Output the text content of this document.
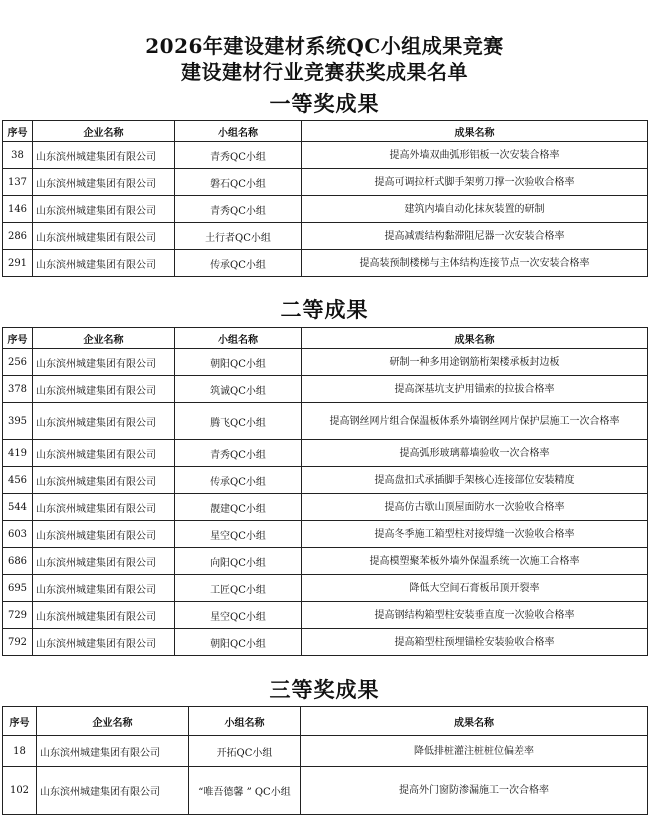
2026年建设建材系统QC小组成果竞赛
建设建材行业竞赛获奖成果名单
一等奖成果
序号	企业名称	小组名称	成果名称
38	山东滨州城建集团有限公司	青秀QC小组	提高外墙双曲弧形铝板一次安装合格率
137	山东滨州城建集团有限公司	磐石QC小组	提高可调拉杆式脚手架剪刀撑一次验收合格率
146	山东滨州城建集团有限公司	青秀QC小组	建筑内墙自动化抹灰装置的研制
286	山东滨州城建集团有限公司	土行者QC小组	提高减震结构黏滞阻尼器一次安装合格率
291	山东滨州城建集团有限公司	传承QC小组	提高装预制楼梯与主体结构连接节点一次安装合格率
二等成果
序号	企业名称	小组名称	成果名称
256	山东滨州城建集团有限公司	朝阳QC小组	研制一种多用途钢筋桁架楼承板封边板
378	山东滨州城建集团有限公司	筑诚QC小组	提高深基坑支护用锚索的拉拔合格率
395	山东滨州城建集团有限公司	腾飞QC小组	提高钢丝网片组合保温板体系外墙钢丝网片保护层施工一次合格率
419	山东滨州城建集团有限公司	青秀QC小组	提高弧形玻璃幕墙验收一次合格率
456	山东滨州城建集团有限公司	传承QC小组	提高盘扣式承插脚手架核心连接部位安装精度
544	山东滨州城建集团有限公司	靓建QC小组	提高仿古歇山顶屋面防水一次验收合格率
603	山东滨州城建集团有限公司	星空QC小组	提高冬季施工箱型柱对接焊缝一次验收合格率
686	山东滨州城建集团有限公司	向阳QC小组	提高模塑聚苯板外墙外保温系统一次施工合格率
695	山东滨州城建集团有限公司	工匠QC小组	降低大空间石膏板吊顶开裂率
729	山东滨州城建集团有限公司	星空QC小组	提高钢结构箱型柱安装垂直度一次验收合格率
792	山东滨州城建集团有限公司	朝阳QC小组	提高箱型柱预埋锚栓安装验收合格率
三等奖成果
序号	企业名称	小组名称	成果名称
18	山东滨州城建集团有限公司	开拓QC小组	降低排桩灌注桩桩位偏差率
102	山东滨州城建集团有限公司	“唯吾德馨 ” QC小组	提高外门窗防渗漏施工一次合格率
